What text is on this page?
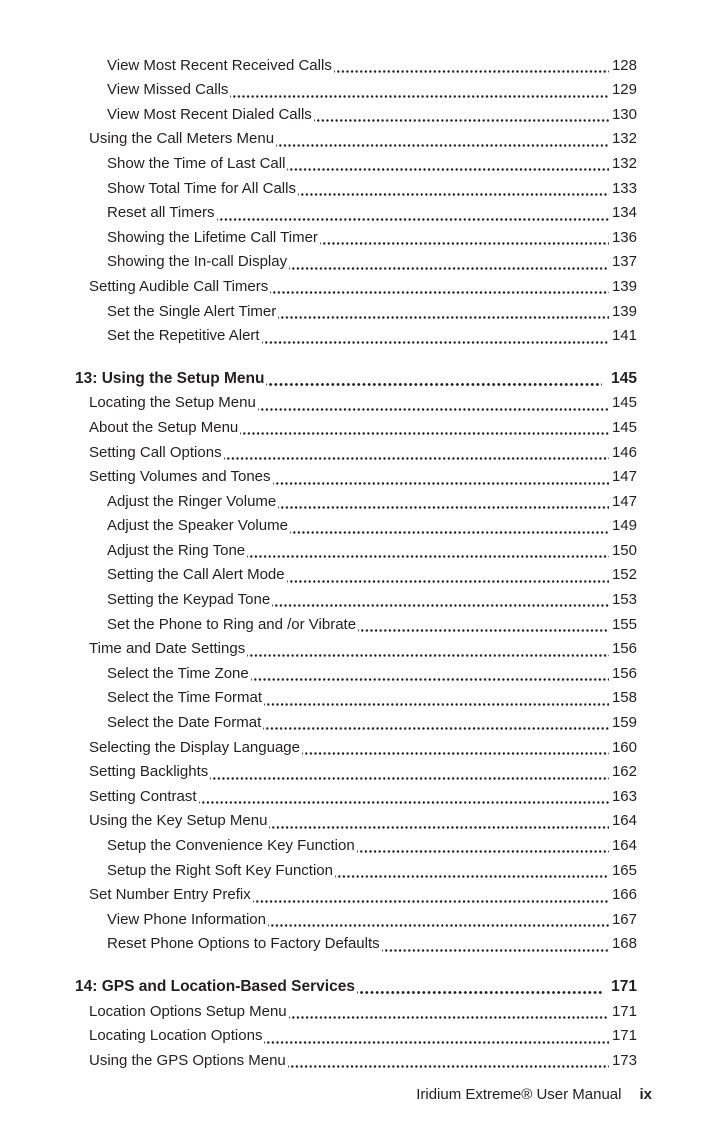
View Most Recent Received Calls	128
View Missed Calls	129
View Most Recent Dialed Calls	130
Using the Call Meters Menu	132
Show the Time of Last Call	132
Show Total Time for All Calls	133
Reset all Timers	134
Showing the Lifetime Call Timer	136
Showing the In-call Display	137
Setting Audible Call Timers	139
Set the Single Alert Timer	139
Set the Repetitive Alert	141
13: Using the Setup Menu	145
Locating the Setup Menu	145
About the Setup Menu	145
Setting Call Options	146
Setting Volumes and Tones	147
Adjust the Ringer Volume	147
Adjust the Speaker Volume	149
Adjust the Ring Tone	150
Setting the Call Alert Mode	152
Setting the Keypad Tone	153
Set the Phone to Ring and /or Vibrate	155
Time and Date Settings	156
Select the Time Zone	156
Select the Time Format	158
Select the Date Format	159
Selecting the Display Language	160
Setting Backlights	162
Setting Contrast	163
Using the Key Setup Menu	164
Setup the Convenience Key Function	164
Setup the Right Soft Key Function	165
Set Number Entry Prefix	166
View Phone Information	167
Reset Phone Options to Factory Defaults	168
14: GPS and Location-Based Services	171
Location Options Setup Menu	171
Locating Location Options	171
Using the GPS Options Menu	173
Iridium Extreme® User Manual ix
